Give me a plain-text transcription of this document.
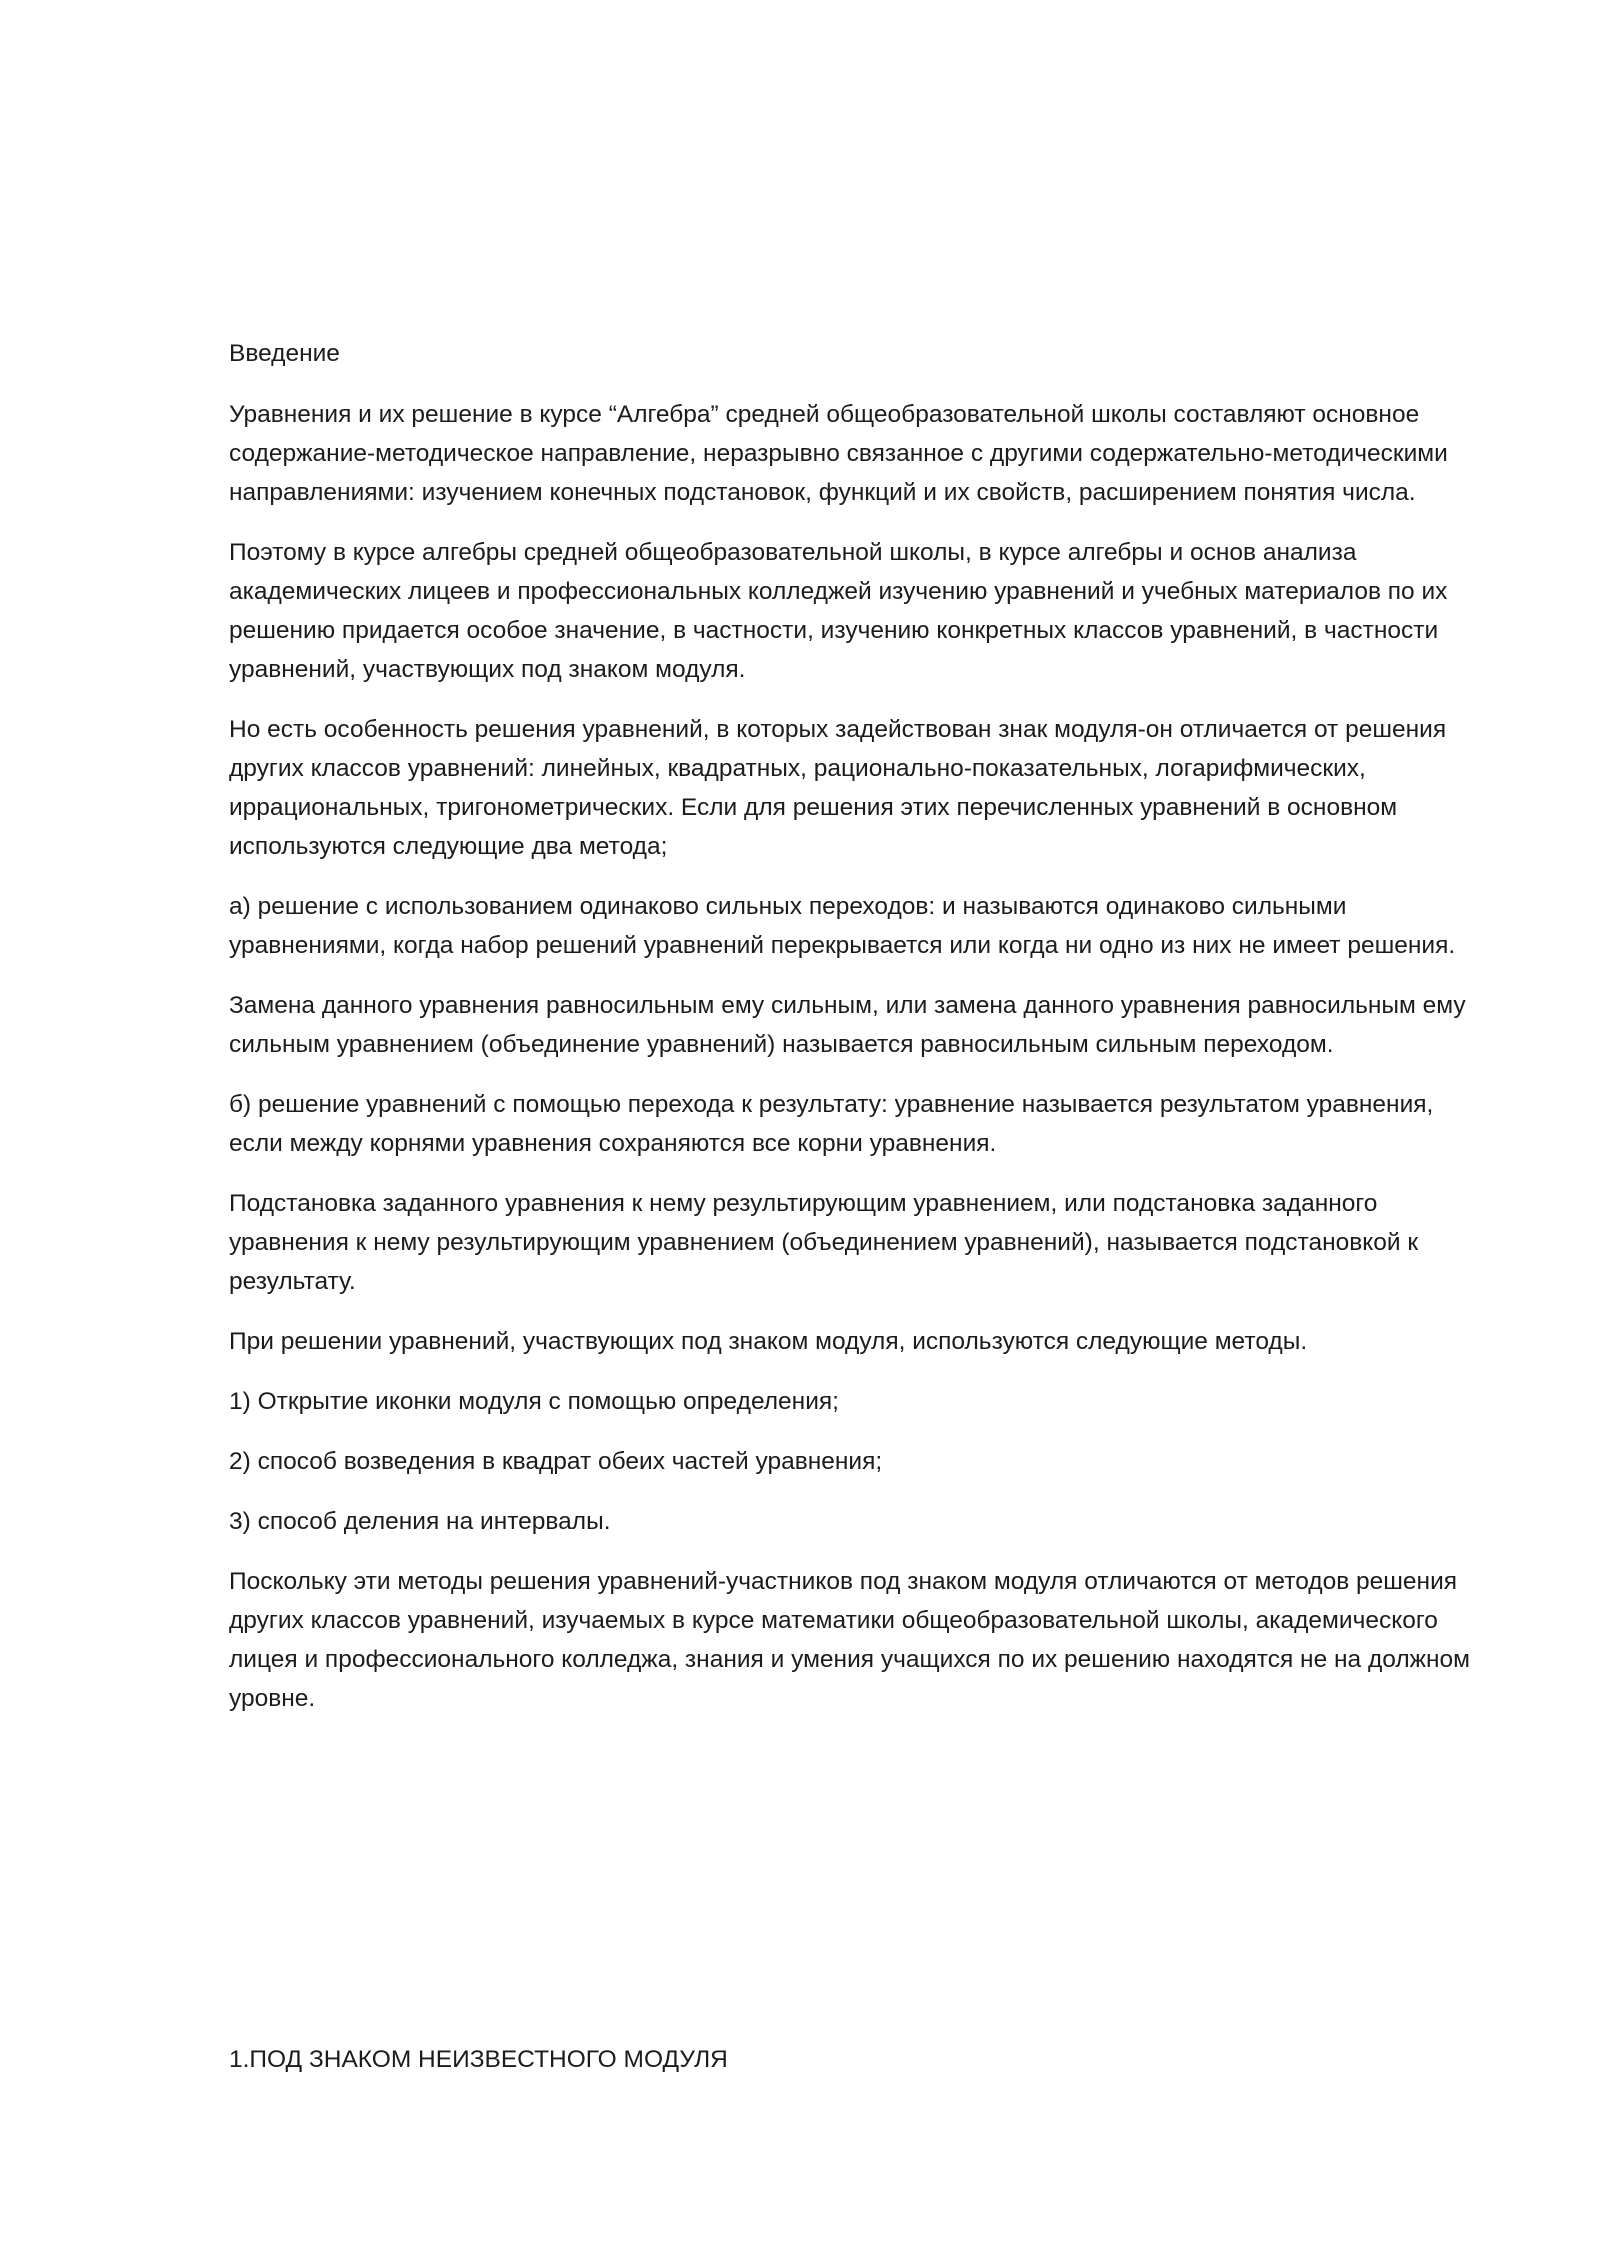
Введение

Уравнения и их решение в курсе “Алгебра” средней общеобразовательной школы составляют основное содержание-методическое направление, неразрывно связанное с другими содержательно-методическими направлениями: изучением конечных подстановок, функций и их свойств, расширением понятия числа.

Поэтому в курсе алгебры средней общеобразовательной школы, в курсе алгебры и основ анализа академических лицеев и профессиональных колледжей изучению уравнений и учебных материалов по их решению придается особое значение, в частности, изучению конкретных классов уравнений, в частности уравнений, участвующих под знаком модуля.

Но есть особенность решения уравнений, в которых задействован знак модуля-он отличается от решения других классов уравнений: линейных, квадратных, рационально-показательных, логарифмических, иррациональных, тригонометрических. Если для решения этих перечисленных уравнений в основном используются следующие два метода;

а) решение с использованием одинаково сильных переходов: и называются одинаково сильными уравнениями, когда набор решений уравнений перекрывается или когда ни одно из них не имеет решения.

Замена данного уравнения равносильным ему сильным, или замена данного уравнения равносильным ему сильным уравнением (объединение уравнений) называется равносильным сильным переходом.

б) решение уравнений с помощью перехода к результату: уравнение называется результатом уравнения, если между корнями уравнения сохраняются все корни уравнения.

Подстановка заданного уравнения к нему результирующим уравнением, или подстановка заданного уравнения к нему результирующим уравнением (объединением уравнений), называется подстановкой к результату.

При решении уравнений, участвующих под знаком модуля, используются следующие методы.

1) Открытие иконки модуля с помощью определения;

2) способ возведения в квадрат обеих частей уравнения;

3) способ деления на интервалы.

Поскольку эти методы решения уравнений-участников под знаком модуля отличаются от методов решения других классов уравнений, изучаемых в курсе математики общеобразовательной школы, академического лицея и профессионального колледжа, знания и умения учащихся по их решению находятся не на должном уровне.

1.ПОД ЗНАКОМ НЕИЗВЕСТНОГО МОДУЛЯ
